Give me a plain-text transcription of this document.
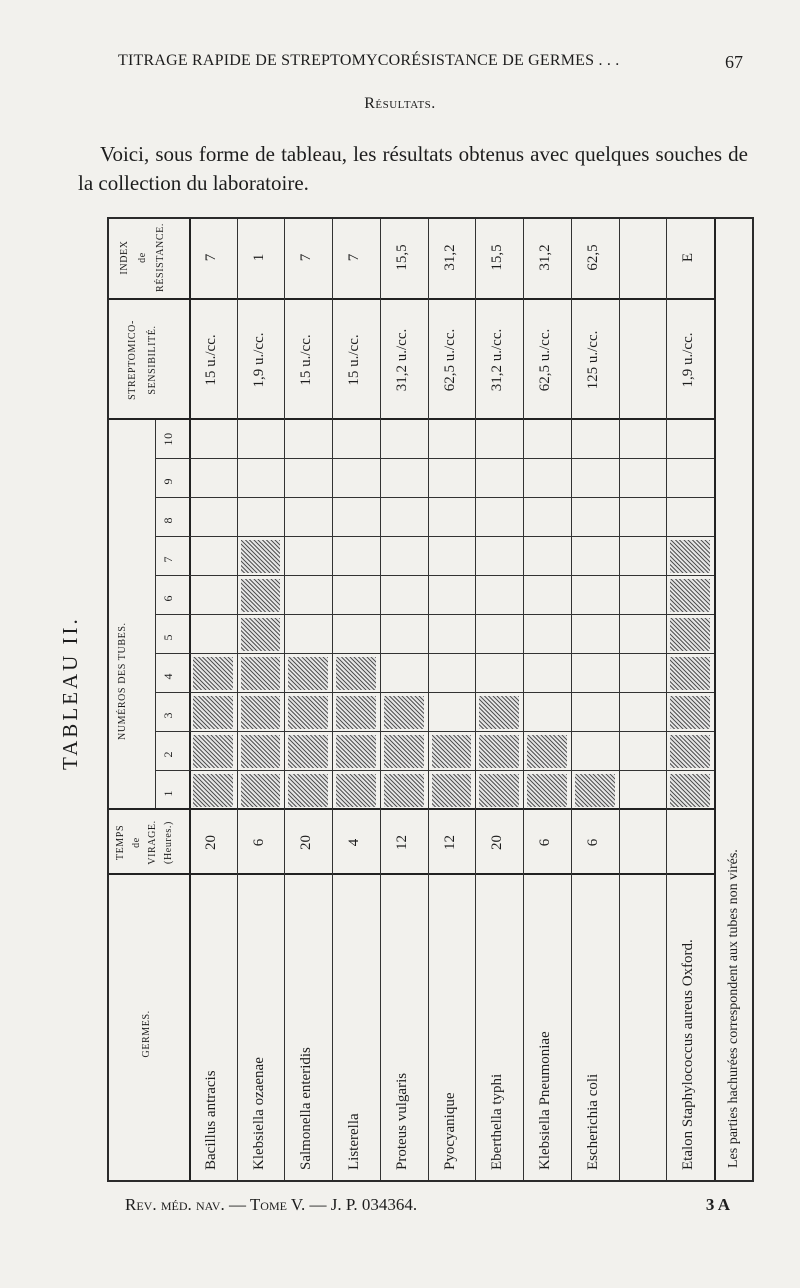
TITRAGE RAPIDE DE STREPTOMYCORÉSISTANCE DE GERMES . . .	67
Résultats.
Voici, sous forme de tableau, les résultats obtenus avec quelques souches de la collection du laboratoire.
TABLEAU II.
GERMES.
TEMPS de VIRAGE. (Heures.)
NUMÉROS DES TUBES.
1
2
3
4
5
6
7
8
9
10
STREPTOMICO- SENSIBILITÉ.
INDEX de RÉSISTANCE.
Bacillus antracis
20
15 u./cc.
7
Klebsiella ozaenae
6
1,9 u./cc.
1
Salmonella enteridis
20
15 u./cc.
7
Listerella
4
15 u./cc.
7
Proteus vulgaris
12
31,2 u./cc.
15,5
Pyocyanique
12
62,5 u./cc.
31,2
Eberthella typhi
20
31,2 u./cc.
15,5
Klebsiella Pneumoniae
6
62,5 u./cc.
31,2
Escherichia coli
6
125 u./cc.
62,5
Etalon Staphylococcus aureus Oxford.
1,9 u./cc.
E
Les parties hachurées correspondent aux tubes non virés.
Rev. méd. nav. — Tome V. — J. P. 034364.	3 A
